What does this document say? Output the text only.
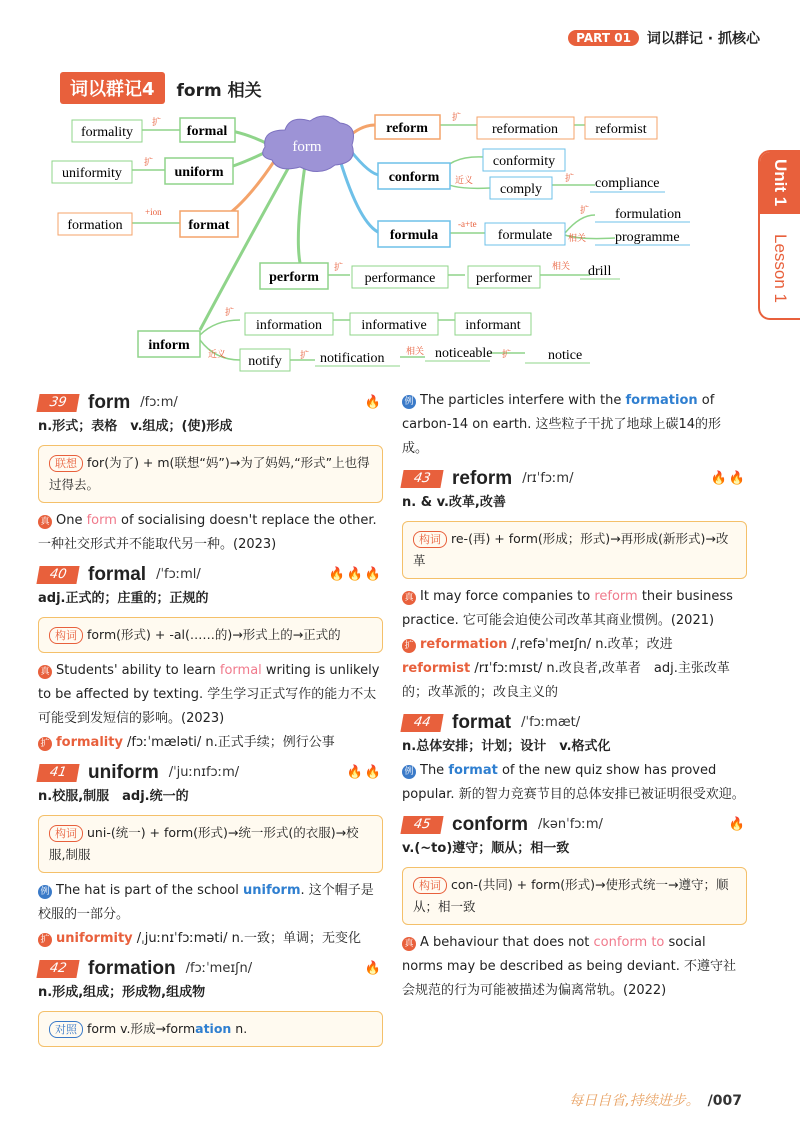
PART 01	词以群记 · 抓核心
Unit 1
Lesson 1
词以群记4	form 相关
form
扩
扩
+ion
扩
近义	扩
-a+te
扩
相关
扩	相关
扩
近义	扩	相关	扩
formal
formality
uniform
uniformity
format
formation
reform	reformation	reformist
conform
conformity
comply	compliance
formula	formulate
formulation
programme
perform	performance	performer	drill
inform
information	informative	informant
notify	notification	noticeable	notice
39	form /fɔːm/	🔥
n.形式；表格　v.组成；(使)形成
联想 for(为了) + m(联想“妈”)→为了妈妈,“形式”上也得过得去。
真 One form of socialising doesn't replace the other. 一种社交形式并不能取代另一种。(2023)
40	formal /ˈfɔːml/	🔥🔥🔥
adj.正式的；庄重的；正规的
构词 form(形式) + -al(……的)→形式上的→正式的
真 Students' ability to learn formal writing is unlikely to be affected by texting. 学生学习正式写作的能力不太可能受到发短信的影响。(2023)
扩 formality /fɔːˈmæləti/ n.正式手续；例行公事
41	uniform /ˈjuːnɪfɔːm/	🔥🔥
n.校服,制服　adj.统一的
构词 uni-(统一) + form(形式)→统一形式(的衣服)→校服,制服
例 The hat is part of the school uniform. 这个帽子是校服的一部分。
扩 uniformity /ˌjuːnɪˈfɔːməti/ n.一致；单调；无变化
42	formation /fɔːˈmeɪʃn/	🔥
n.形成,组成；形成物,组成物
对照 form v.形成→formation n.
例 The particles interfere with the formation of carbon-14 on earth. 这些粒子干扰了地球上碳14的形成。
43	reform /rɪˈfɔːm/	🔥🔥
n. & v.改革,改善
构词 re-(再) + form(形成；形式)→再形成(新形式)→改革
真 It may force companies to reform their business practice. 它可能会迫使公司改革其商业惯例。(2021)
扩 reformation /ˌrefəˈmeɪʃn/ n.改革；改进
reformist /rɪˈfɔːmɪst/ n.改良者,改革者　adj.主张改革的；改革派的；改良主义的
44	format /ˈfɔːmæt/
n.总体安排；计划；设计　v.格式化
例 The format of the new quiz show has proved popular. 新的智力竞赛节目的总体安排已被证明很受欢迎。
45	conform /kənˈfɔːm/	🔥
v.(~to)遵守；顺从；相一致
构词 con-(共同) + form(形式)→使形式统一→遵守；顺从；相一致
真 A behaviour that does not conform to social norms may be described as being deviant. 不遵守社会规范的行为可能被描述为偏离常轨。(2022)
每日自省,持续进步。 /007
